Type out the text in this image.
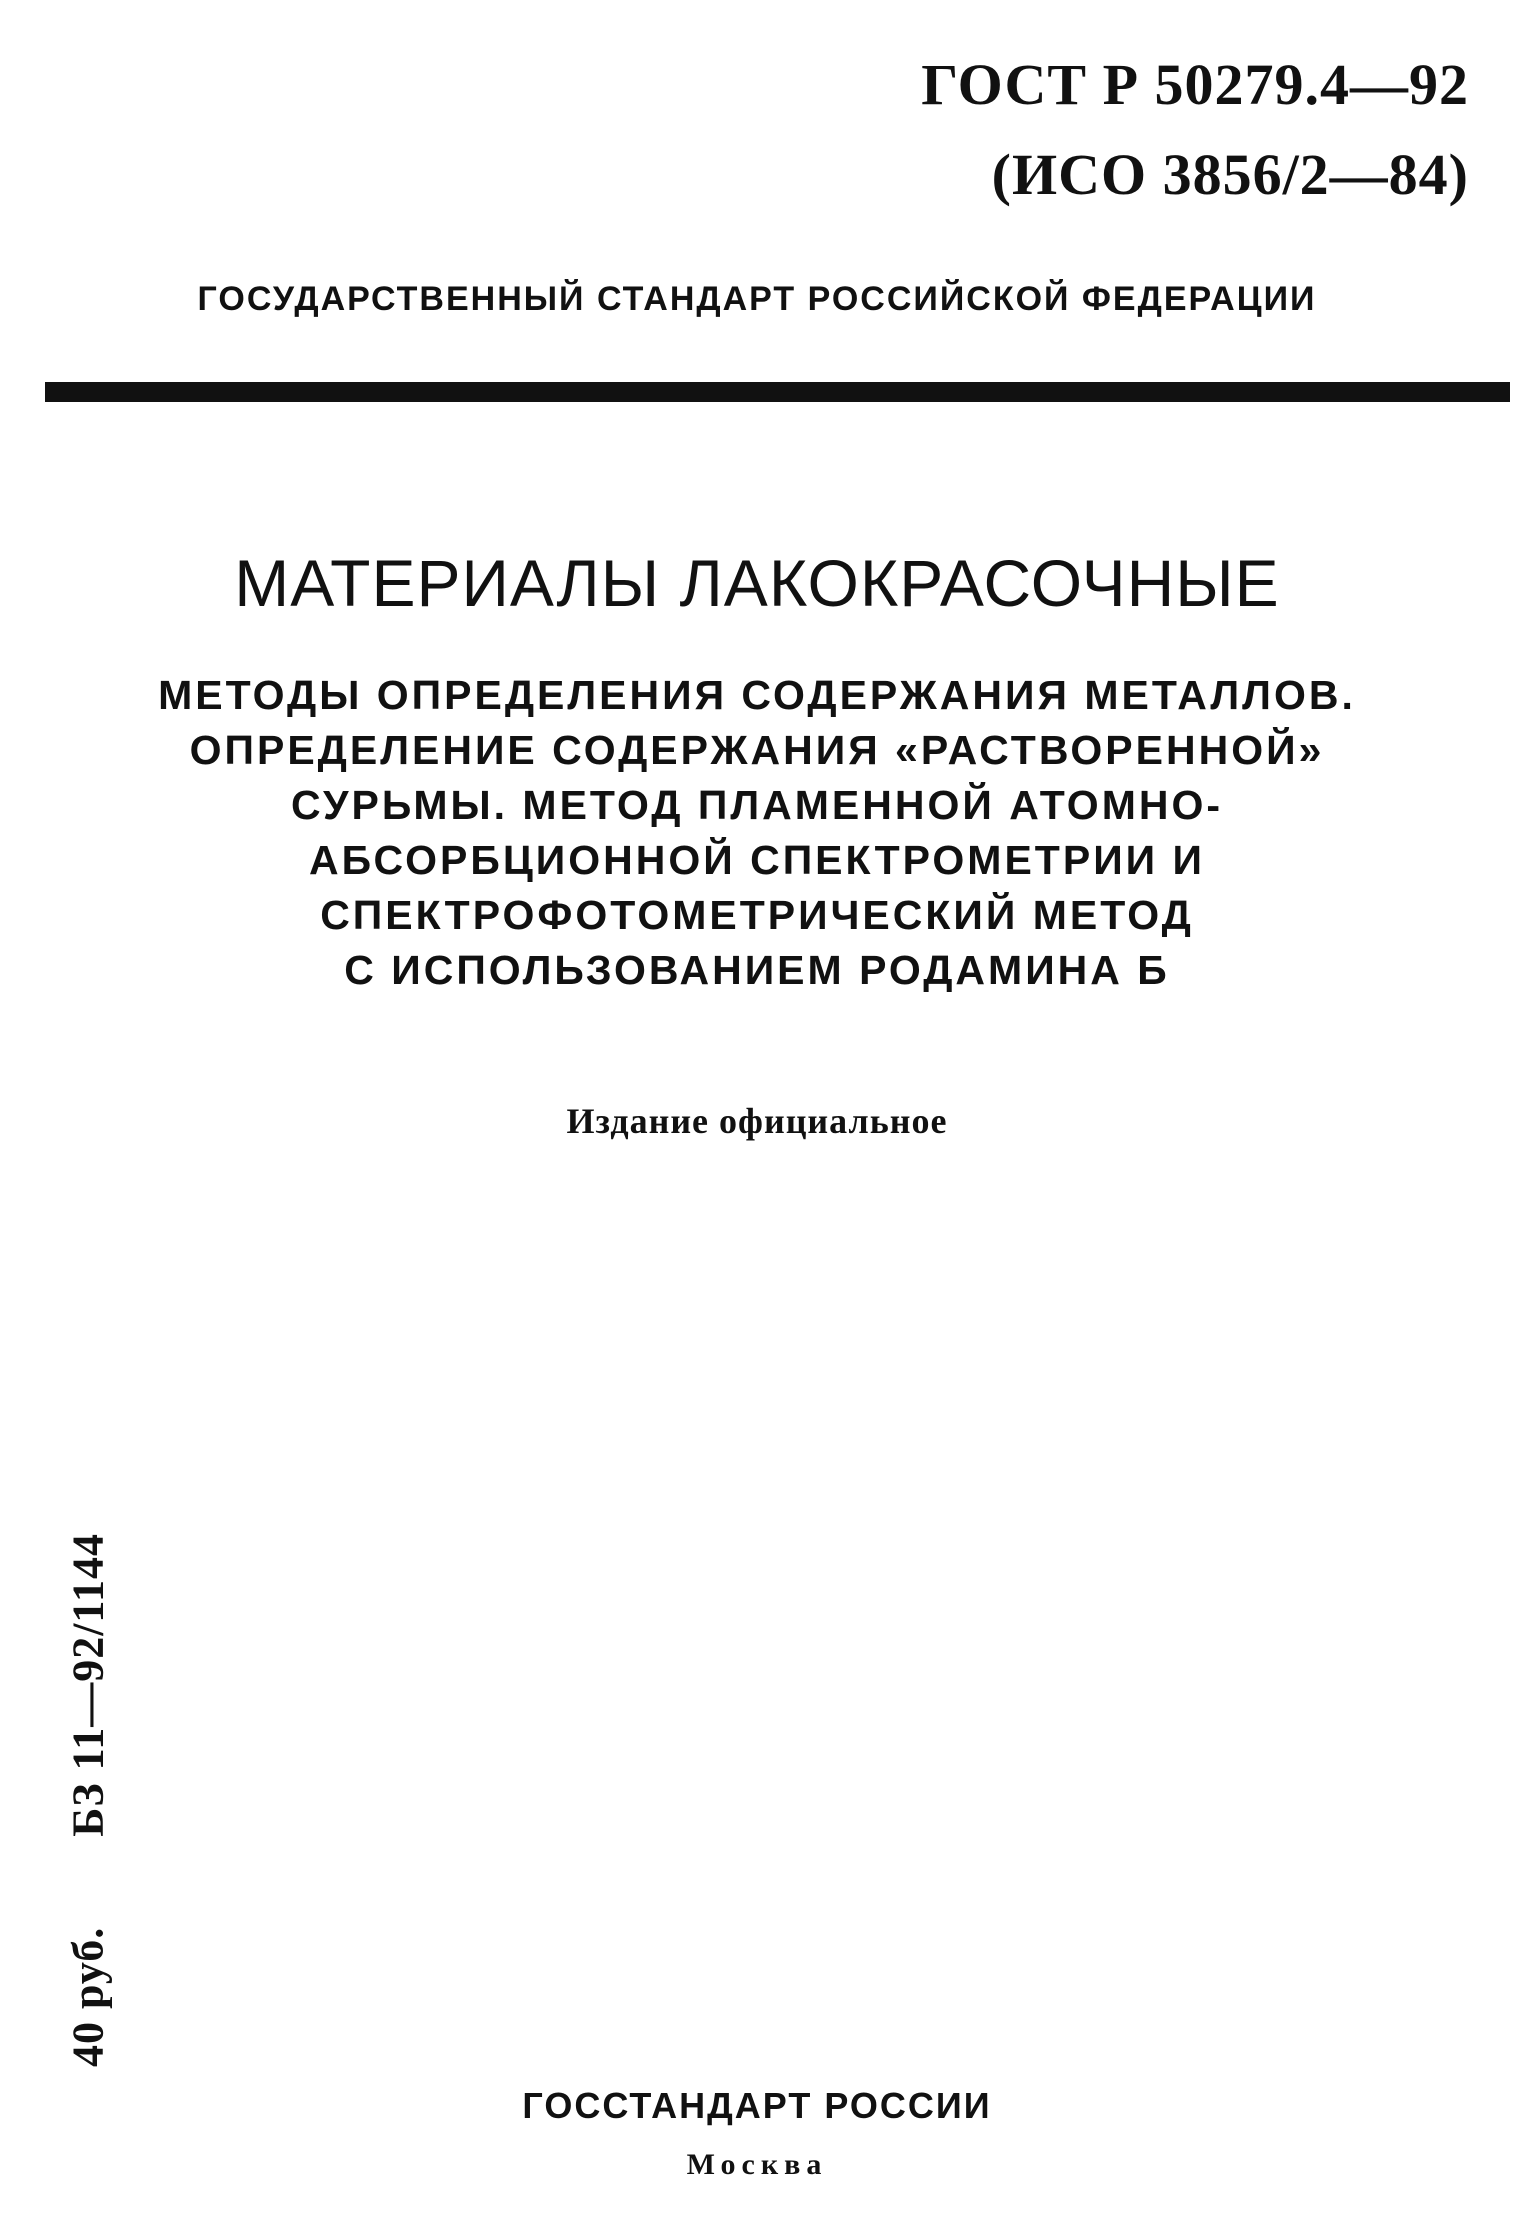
ГОСТ Р 50279.4—92
(ИСО 3856/2—84)
ГОСУДАРСТВЕННЫЙ СТАНДАРТ РОССИЙСКОЙ ФЕДЕРАЦИИ
МАТЕРИАЛЫ ЛАКОКРАСОЧНЫЕ
МЕТОДЫ ОПРЕДЕЛЕНИЯ СОДЕРЖАНИЯ МЕТАЛЛОВ.
ОПРЕДЕЛЕНИЕ СОДЕРЖАНИЯ «РАСТВОРЕННОЙ»
СУРЬМЫ. МЕТОД ПЛАМЕННОЙ АТОМНО-
АБСОРБЦИОННОЙ СПЕКТРОМЕТРИИ И
СПЕКТРОФОТОМЕТРИЧЕСКИЙ МЕТОД
С ИСПОЛЬЗОВАНИЕМ РОДАМИНА Б
Издание официальное
40 руб.БЗ 11—92/1144
ГОССТАНДАРТ РОССИИ
Москва
